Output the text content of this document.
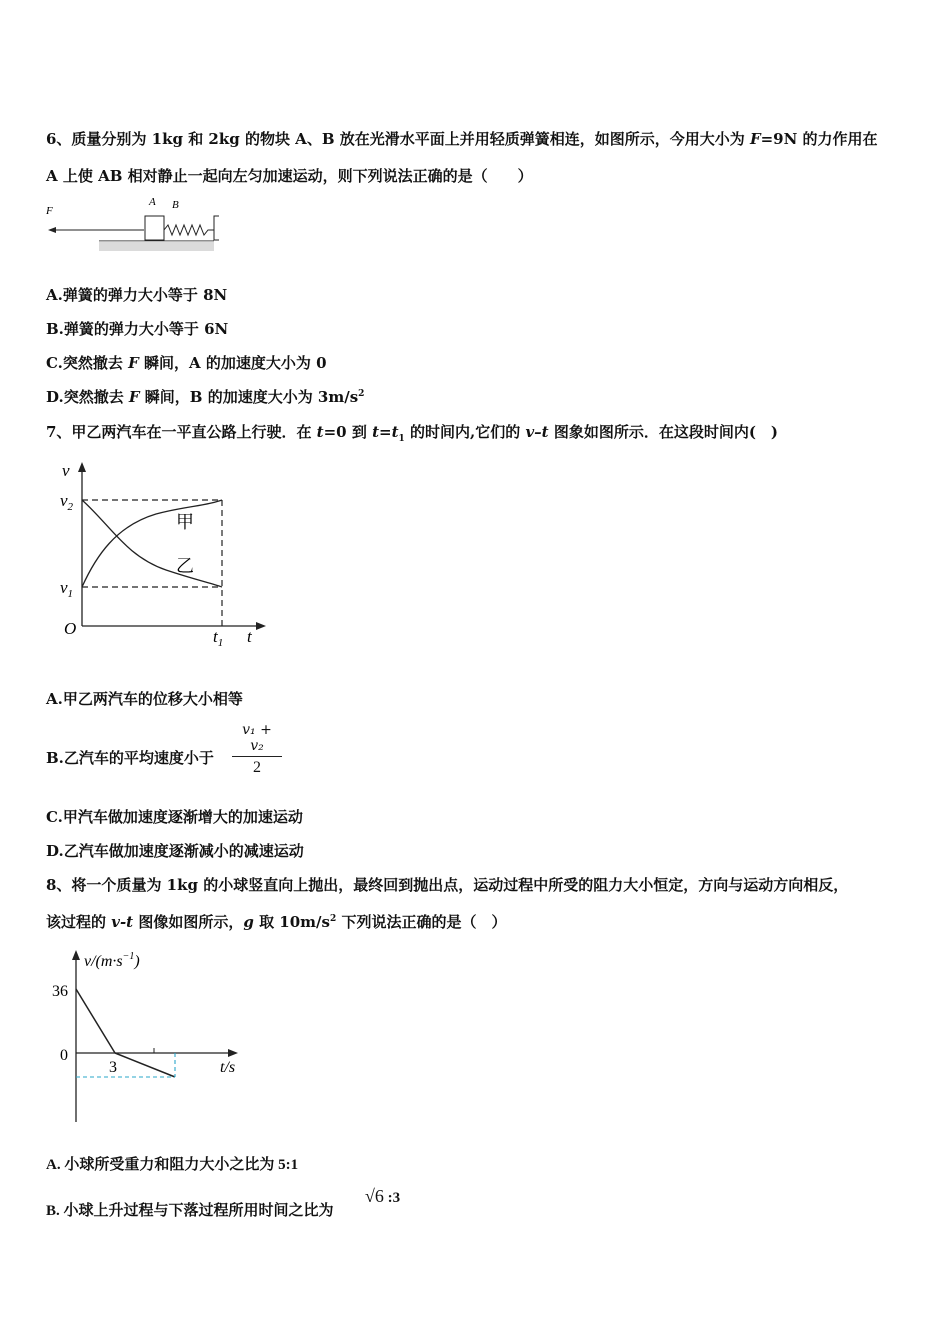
6、质量分别为 1kg 和 2kg 的物块 A、B 放在光滑水平面上并用轻质弹簧相连，如图所示，今用大小为 F=9N 的力作用在
A 上使 AB 相对静止一起向左匀加速运动，则下列说法正确的是（　　）
F
A B
A.弹簧的弹力大小等于 8N
B.弹簧的弹力大小等于 6N
C.突然撤去 F 瞬间，A 的加速度大小为 0
D.突然撤去 F 瞬间，B 的加速度大小为 $3m/s^2$
7、甲乙两汽车在一平直公路上行驶．在 t=0 到 $t=t_1$ 的时间内,它们的 v–t 图象如图所示．在这段时间内(　)
v
$v_2$
$v_1$
O	$t_1$ t
甲
乙
A.甲乙两汽车的位移大小相等
B.乙汽车的平均速度小于 $\frac{\text{v₁ + v₂}}{2}$
C.甲汽车做加速度逐渐增大的加速运动
D.乙汽车做加速度逐渐减小的减速运动
8、将一个质量为 1kg 的小球竖直向上抛出，最终回到抛出点，运动过程中所受的阻力大小恒定，方向与运动方向相反，
该过程的 v-t 图像如图所示，g 取 $10m/s^2$ 下列说法正确的是（　）
$v/(m\cdot s^{-1})$
36
0
3	t/s
A. 小球所受重力和阻力大小之比为 5:1
B. 小球上升过程与下落过程所用时间之比为
√6 :3
